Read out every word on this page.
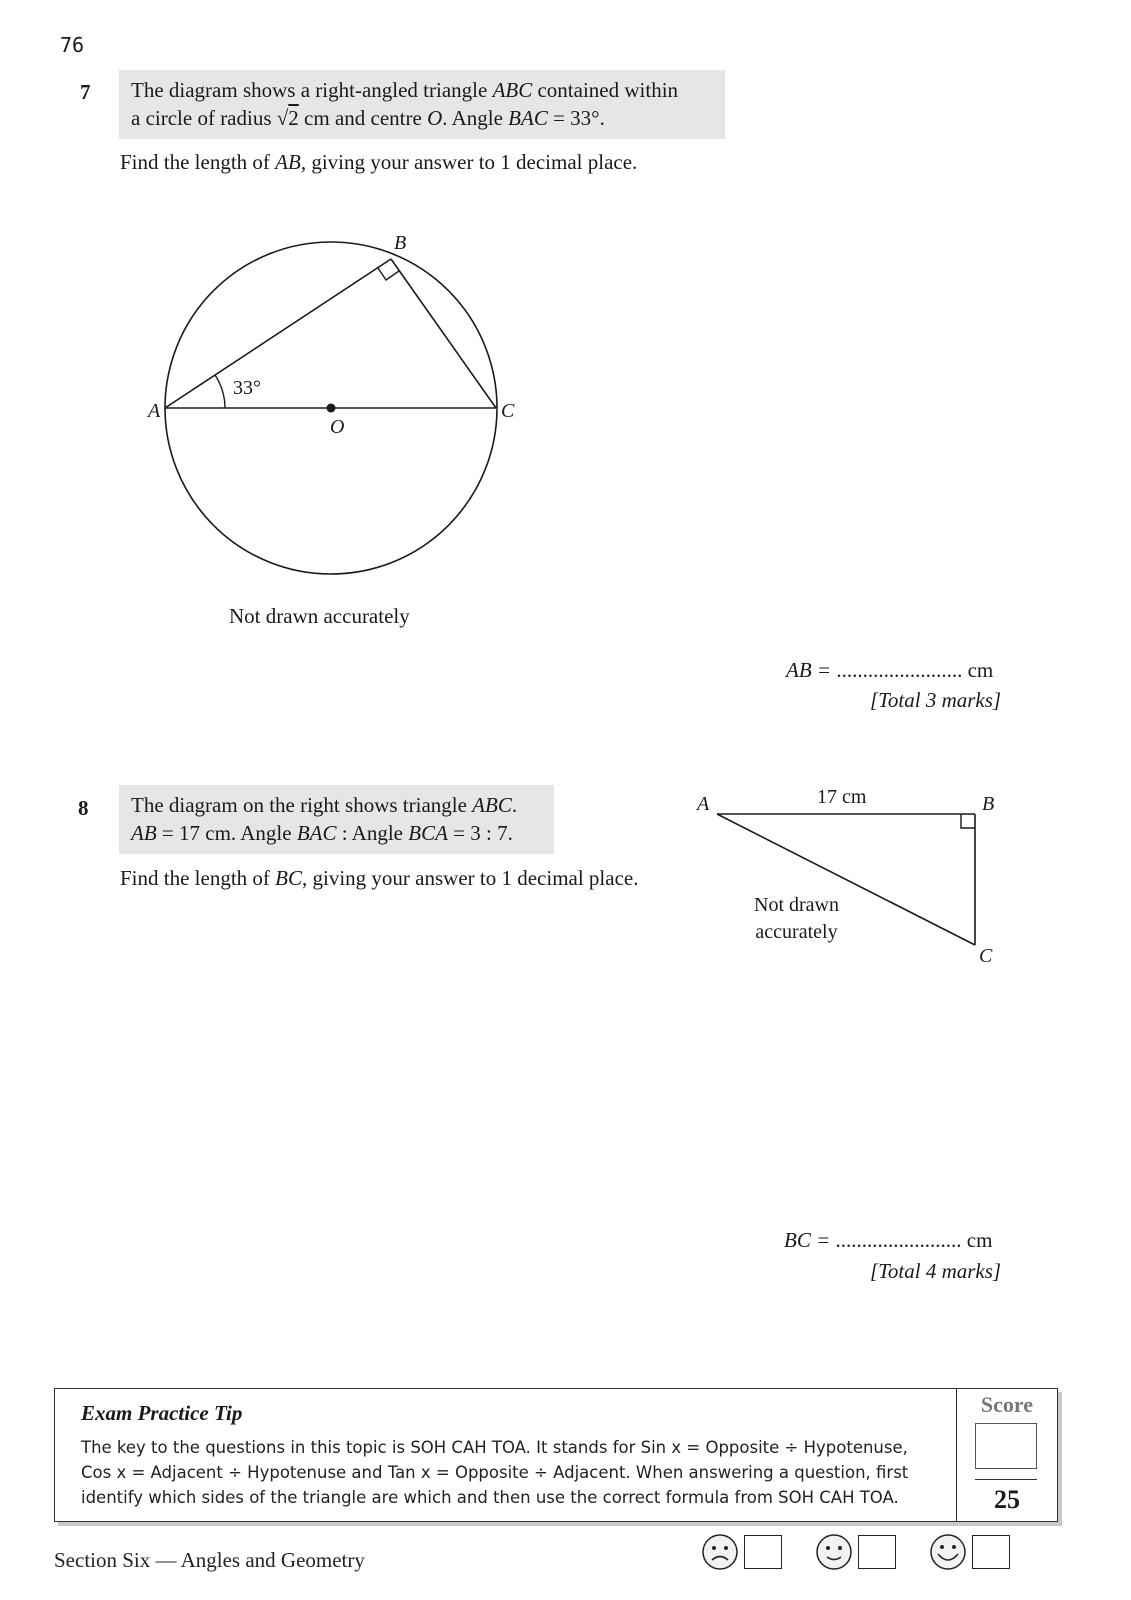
76
7 The diagram shows a right-angled triangle ABC contained within
a circle of radius √2 cm and centre O. Angle BAC = 33°.
Find the length of AB, giving your answer to 1 decimal place.
A
B
C
O
33°
Not drawn accurately
AB = ........................ cm
[Total 3 marks]
8 The diagram on the right shows triangle ABC.
AB = 17 cm. Angle BAC : Angle BCA = 3 : 7.
Find the length of BC, giving your answer to 1 decimal place.
A	B
C
17 cm
Not drawn
accurately
BC = ........................ cm
[Total 4 marks]
Exam Practice Tip
The key to the questions in this topic is SOH CAH TOA. It stands for Sin x = Opposite ÷ Hypotenuse,
Cos x = Adjacent ÷ Hypotenuse and Tan x = Opposite ÷ Adjacent. When answering a question, first
identify which sides of the triangle are which and then use the correct formula from SOH CAH TOA.
Score
25
Section Six — Angles and Geometry
